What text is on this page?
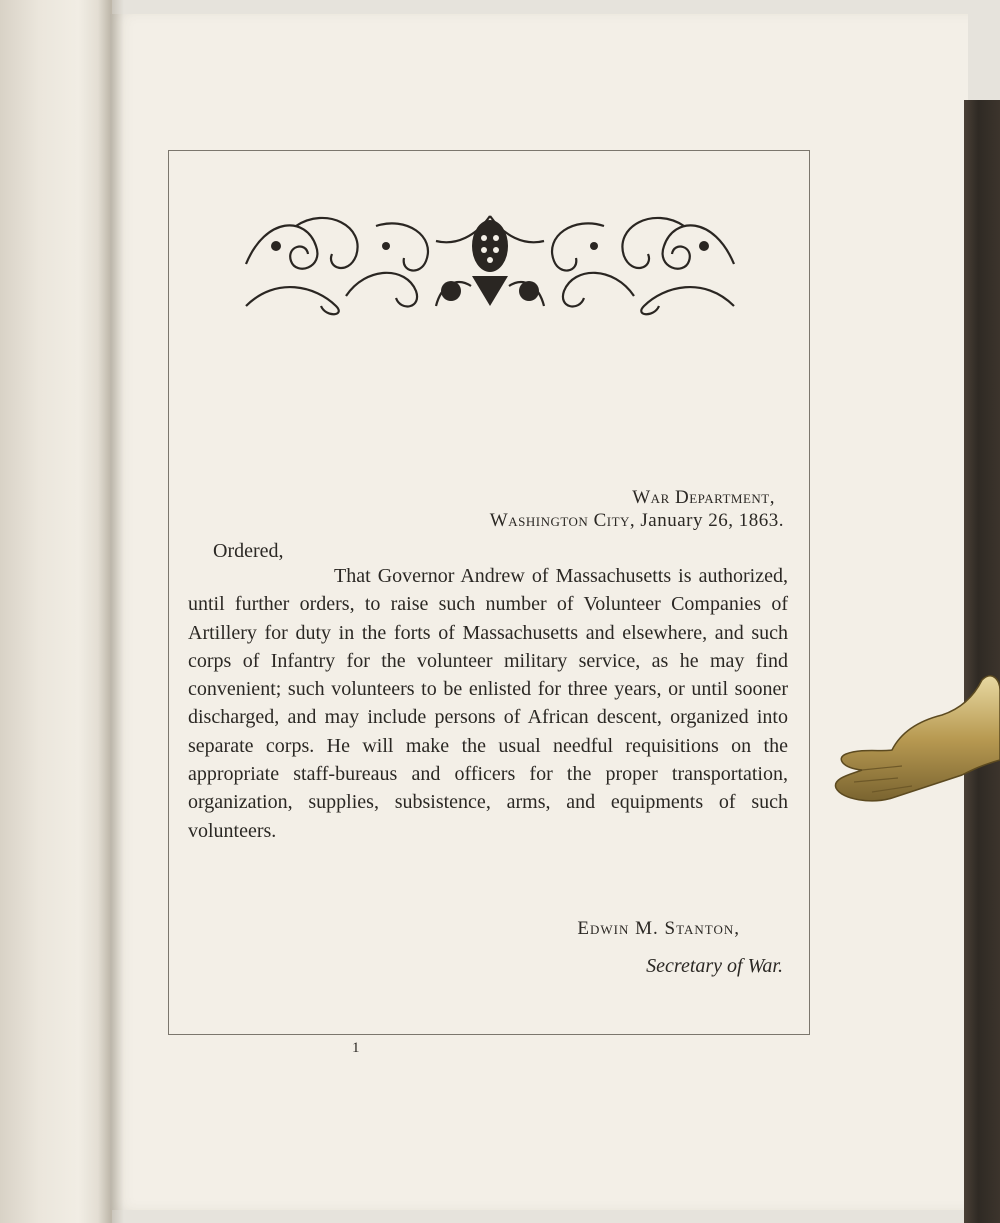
War Department,
Washington City, January 26, 1863.
Ordered,
That Governor Andrew of Massachusetts is authorized, until further orders, to raise such number of Volunteer Companies of Artillery for duty in the forts of Massachusetts and elsewhere, and such corps of Infantry for the volunteer military service, as he may find convenient; such volunteers to be enlisted for three years, or until sooner discharged, and may include persons of African descent, organized into separate corps. He will make the usual needful requisitions on the appropriate staff-bureaus and officers for the proper transportation, organization, supplies, subsistence, arms, and equipments of such volunteers.
Edwin M. Stanton,
Secretary of War.
1
